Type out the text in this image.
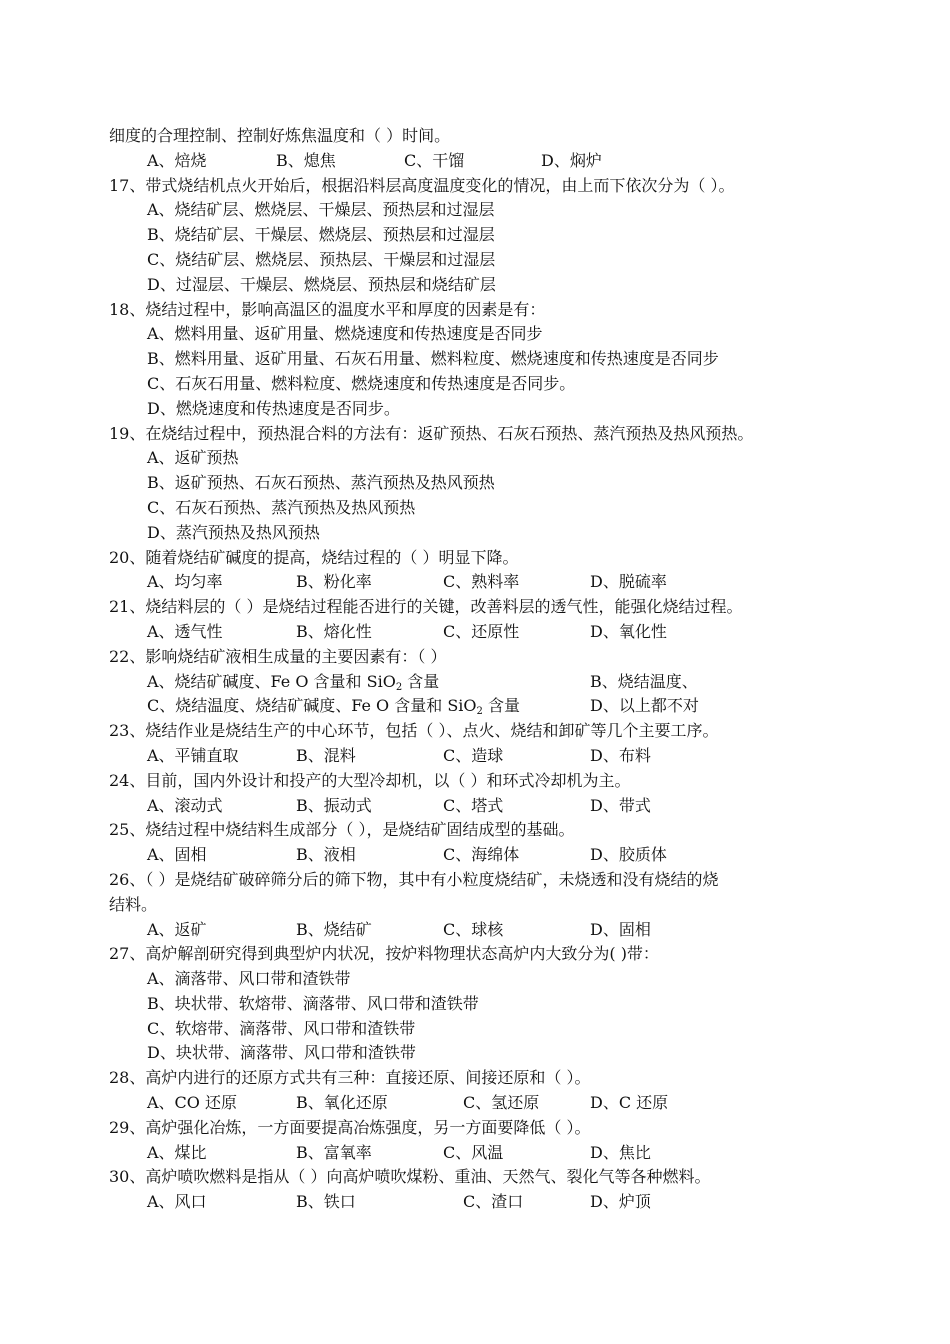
细度的合理控制、控制好炼焦温度和（ ）时间。
A、焙烧	B、熄焦	C、干馏	D、焖炉
17、带式烧结机点火开始后，根据沿料层高度温度变化的情况，由上而下依次分为（ ）。
A、烧结矿层、燃烧层、干燥层、预热层和过湿层
B、烧结矿层、干燥层、燃烧层、预热层和过湿层
C、烧结矿层、燃烧层、预热层、干燥层和过湿层
D、过湿层、干燥层、燃烧层、预热层和烧结矿层
18、烧结过程中，影响高温区的温度水平和厚度的因素是有：
A、燃料用量、返矿用量、燃烧速度和传热速度是否同步
B、燃料用量、返矿用量、石灰石用量、燃料粒度、燃烧速度和传热速度是否同步
C、石灰石用量、燃料粒度、燃烧速度和传热速度是否同步。
D、燃烧速度和传热速度是否同步。
19、在烧结过程中，预热混合料的方法有：返矿预热、石灰石预热、蒸汽预热及热风预热。
A、返矿预热
B、返矿预热、石灰石预热、蒸汽预热及热风预热
C、石灰石预热、蒸汽预热及热风预热
D、蒸汽预热及热风预热
20、随着烧结矿碱度的提高，烧结过程的（ ）明显下降。
A、均匀率	B、粉化率	C、熟料率	D、脱硫率
21、烧结料层的（ ）是烧结过程能否进行的关键，改善料层的透气性，能强化烧结过程。
A、透气性	B、熔化性	C、还原性	D、氧化性
22、影响烧结矿液相生成量的主要因素有：（ ）
A、烧结矿碱度、Fe O 含量和 SiO$_2$ 含量	B、烧结温度、
C、烧结温度、烧结矿碱度、Fe O 含量和 SiO$_2$ 含量	D、以上都不对
23、烧结作业是烧结生产的中心环节，包括（ ）、点火、烧结和卸矿等几个主要工序。
A、平铺直取	B、混料	C、造球	D、布料
24、目前，国内外设计和投产的大型冷却机，以（ ）和环式冷却机为主。
A、滚动式	B、振动式	C、塔式	D、带式
25、烧结过程中烧结料生成部分（ ），是烧结矿固结成型的基础。
A、固相	B、液相	C、海绵体	D、胶质体
26、（ ）是烧结矿破碎筛分后的筛下物，其中有小粒度烧结矿，未烧透和没有烧结的烧
结料。
A、返矿	B、烧结矿	C、球核	D、固相
27、高炉解剖研究得到典型炉内状况，按炉料物理状态高炉内大致分为( )带：
A、滴落带、风口带和渣铁带
B、块状带、软熔带、滴落带、风口带和渣铁带
C、软熔带、滴落带、风口带和渣铁带
D、块状带、滴落带、风口带和渣铁带
28、高炉内进行的还原方式共有三种：直接还原、间接还原和（ ）。
A、CO 还原	B、氧化还原	C、氢还原	D、C 还原
29、高炉强化冶炼，一方面要提高冶炼强度，另一方面要降低（ ）。
A、煤比	B、富氧率	C、风温	D、焦比
30、高炉喷吹燃料是指从（ ）向高炉喷吹煤粉、重油、天然气、裂化气等各种燃料。
A、风口	B、铁口	C、渣口	D、炉顶
